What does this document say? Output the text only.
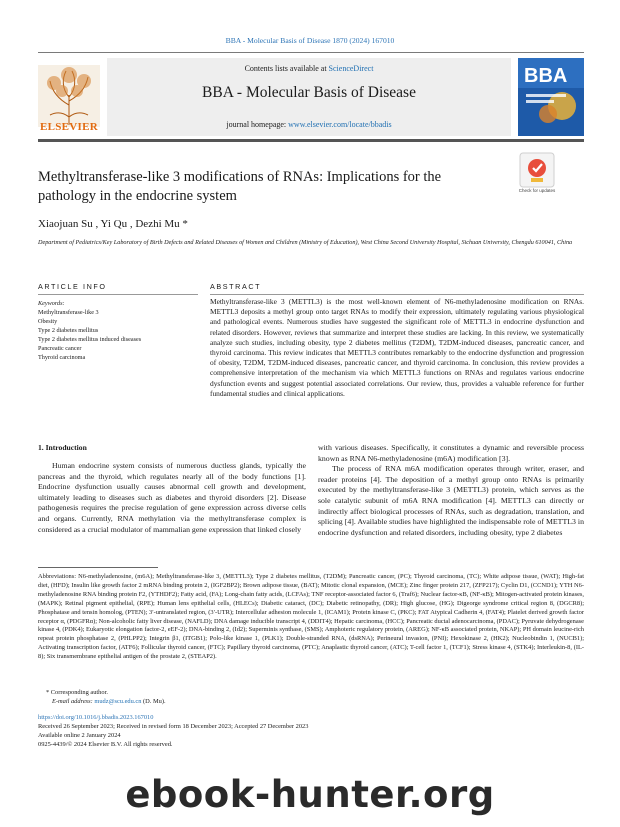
BBA - Molecular Basis of Disease 1870 (2024) 167010
ELSEVIER
Contents lists available at ScienceDirect
BBA - Molecular Basis of Disease
journal homepage: www.elsevier.com/locate/bbadis
BBA
Methyltransferase-like 3 modifications of RNAs: Implications for the pathology in the endocrine system	Check for updates
Xiaojuan Su , Yi Qu , Dezhi Mu *
Department of Pediatrics/Key Laboratory of Birth Defects and Related Diseases of Women and Children (Ministry of Education), West China Second University Hospital, Sichuan University, Chengdu 610041, China
ARTICLE INFO	ABSTRACT
Keywords:
Methyltransferase-like 3
Obesity
Type 2 diabetes mellitus
Type 2 diabetes mellitus induced diseases
Pancreatic cancer
Thyroid carcinoma
Methyltransferase-like 3 (METTL3) is the most well-known element of N6-methyladenosine modification on RNAs. METTL3 deposits a methyl group onto target RNAs to modify their expression, ultimately regulating various physiological and pathological events. Numerous studies have suggested the significant role of METTL3 in endocrine dysfunction and related disorders. However, reviews that summarize and interpret these studies are lacking. In this review, we systematically analyze such studies, including obesity, type 2 diabetes mellitus (T2DM), T2DM-induced diseases, pancreatic cancer, and thyroid carcinoma. This review indicates that METTL3 contributes remarkably to the endocrine dysfunction and progression of obesity, T2DM, T2DM-induced diseases, pancreatic cancer, and thyroid carcinoma. In conclusion, this review provides a comprehensive interpretation of the mechanism via which METTL3 functions on RNAs and regulates various endocrine dysfunction events and suggest potential associated correlations. Our review, thus, provides a valuable reference for further fundamental studies and clinical applications.
1. Introduction

Human endocrine system consists of numerous ductless glands, typically the pancreas and the thyroid, which regulates nearly all of the body functions [1]. Endocrine dysfunction usually causes abnormal cell growth and development, ultimately leading to diseases such as diabetes and thyroid disorders [2]. Disease pathogenesis requires the precise regulation of gene expression across diverse cells and organs. Currently, RNA methylation via the methyltransferase complex is considered as a crucial modulator of mammalian gene expression that linked closely

with various diseases. Specifically, it constitutes a dynamic and reversible process known as RNA N6-methyladenosine (m6A) modification [3].

The process of RNA m6A modification operates through writer, eraser, and reader proteins [4]. The deposition of a methyl group onto RNAs is primarily executed by the methyltransferase-like 3 (METTL3) protein, which serves as the sole catalytic subunit of m6A RNA modification [4]. METTL3 can directly or indirectly affect biological processes of RNAs, such as degradation, translation, and splicing [4]. Available studies have highlighted the indispensable role of METTL3 in endocrine dysfunction and related disorders, including obesity, type 2 diabetes

Abbreviations: N6-methyladenosine, (m6A); Methyltransferase-like 3, (METTL3); Type 2 diabetes mellitus, (T2DM); Pancreatic cancer, (PC); Thyroid carcinoma, (TC); White adipose tissue, (WAT); High-fat diet, (HFD); Insulin like growth factor 2 mRNA binding protein 2, (IGF2BP2); Brown adipose tissue, (BAT); Mitotic clonal expansion, (MCE); Zinc finger protein 217, (ZFP217); Cyclin D1, (CCND1); YTH N6-methyladenosine RNA binding protein F2, (YTHDF2); Fatty acid, (FA); Long-chain fatty acids, (LCFAs); TNF receptor-associated factor 6, (Traf6); Nuclear factor-κB, (NF-κB); Mitogen-activated protein kinases, (MAPK); Retinal pigment epithelial, (RPE); Human lens epithelial cells, (HLECs); Diabetic cataract, (DC); Diabetic retinopathy, (DR); High glucose, (HG); Digeorge syndrome critical region 8, (DGCR8); Phosphatase and tensin homolog, (PTEN); 3′-untranslated region, (3′-UTR); Intercellular adhesion molecule 1, (ICAM1); Protein kinase C, (PKC); FAT Atypical Cadherin 4, (FAT4); Platelet derived growth factor receptor α, (PDGFRα); Non-alcoholic fatty liver disease, (NAFLD); DNA damage inducible transcript 4, (DDIT4); Hepatic carcinoma, (HCC); Pancreatic ductal adenocarcinoma, (PDAC); Pyruvate dehydrogenase kinase 4, (PDK4); Eukaryotic elongation factor-2, eEF-2); DNA-binding 2, (Id2); Superminis synthase, (SMS); Amphoteric regulatory protein, (AREG); NF-κB associated protein, NKAP); PH domain leucine-rich repeat protein phosphatase 2, (PHLPP2); Integrin β1, (ITGB1); Polo-like kinase 1, (PLK1); Double-stranded RNA, (dsRNA); Perineural invasion, (PNI); Hexokinase 2, (HK2); Nucleobindin 1, (NUCB1); Activating transcription factor, (ATF6); Follicular thyroid cancer, (FTC); Papillary thyroid carcinoma, (PTC); Anaplastic thyroid cancer, (ATC); T-cell factor 1, (TCF1); Stress kinase 4, (STK4); Interleukin-8, (IL-8); Six transmembrane epithelial antigen of the prostate 2, (STEAP2).
* Corresponding author.
E-mail address: mudz@scu.edu.cn (D. Mu).
https://doi.org/10.1016/j.bbadis.2023.167010
Received 26 September 2023; Received in revised form 18 December 2023; Accepted 27 December 2023
Available online 2 January 2024
0925-4439/© 2024 Elsevier B.V. All rights reserved.
ebook-hunter.org
